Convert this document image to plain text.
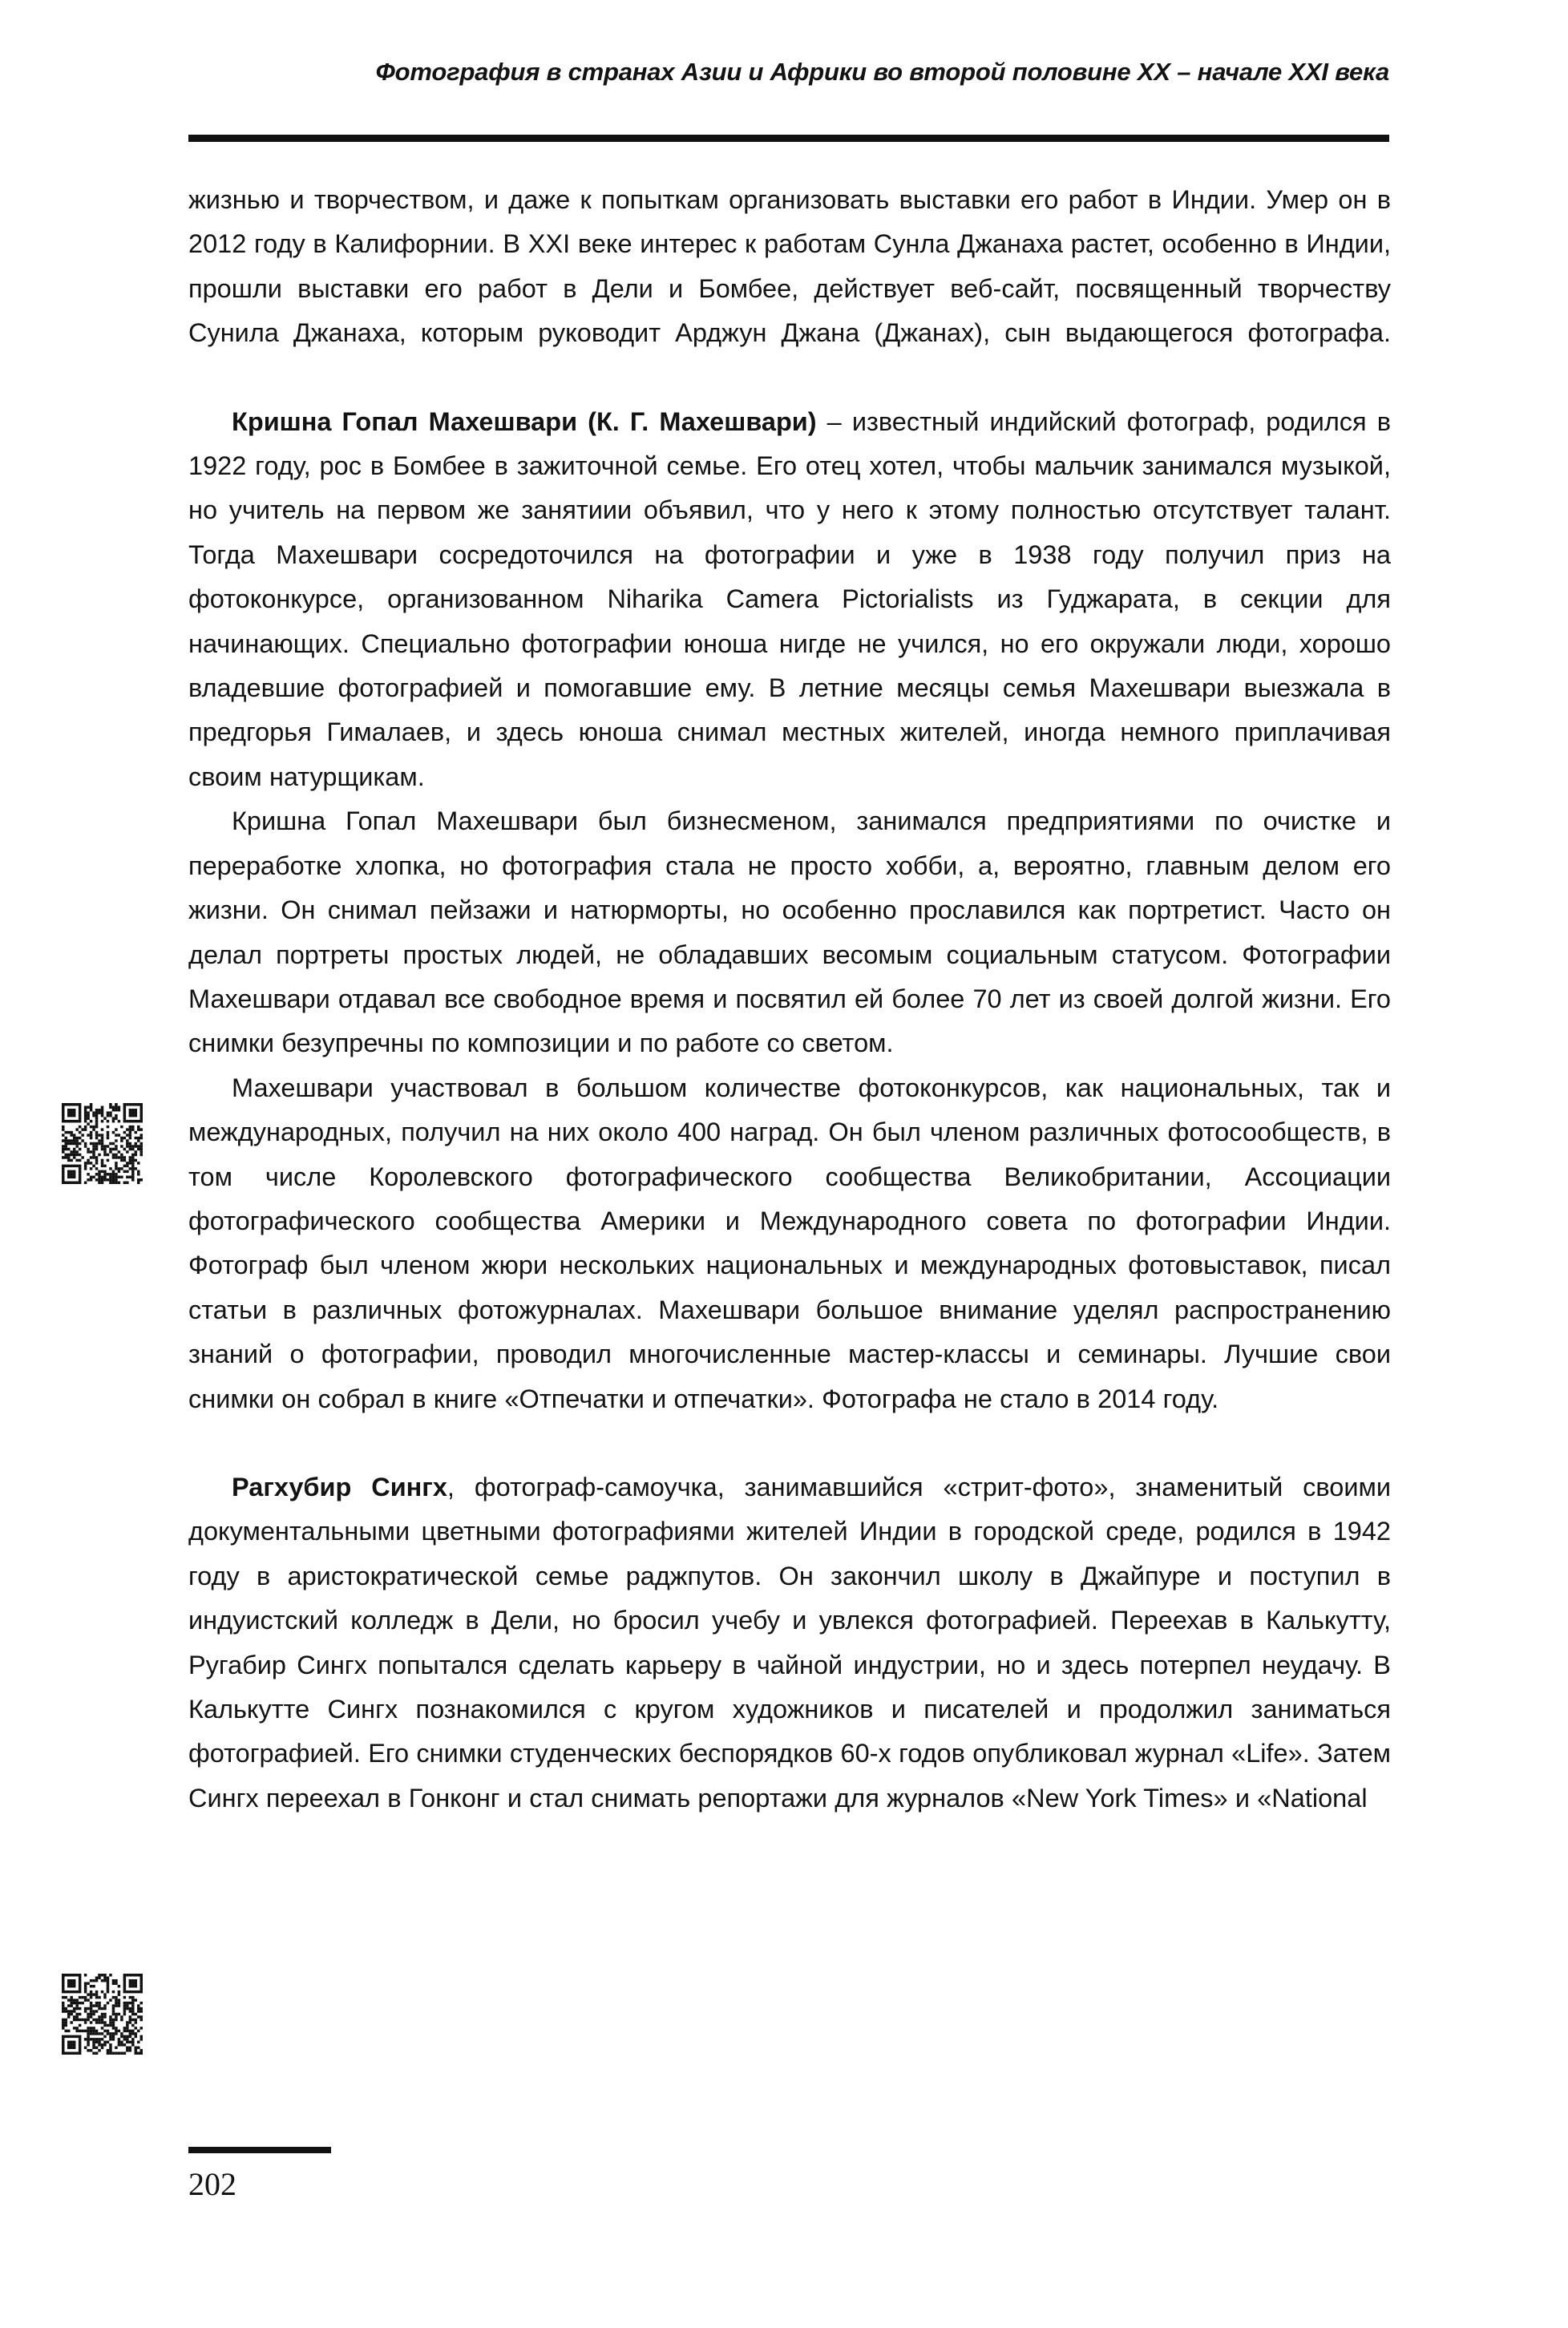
Фотография в странах Азии и Африки во второй половине XX – начале XXI века

жизнью и творчеством, и даже к попыткам организовать выставки его работ в Индии. Умер он в 2012 году в Калифорнии. В XXI веке интерес к работам Сунла Джанаха растет, особенно в Индии, прошли выставки его работ в Дели и Бомбее, действует веб-сайт, посвященный творчеству Сунила Джанаха, которым руководит Арджун Джана (Джанах), сын выдающегося фотографа.

Кришна Гопал Махешвари (К. Г. Махешвари) – известный индийский фотограф, родился в 1922 году, рос в Бомбее в зажиточной семье. Его отец хотел, чтобы мальчик занимался музыкой, но учитель на первом же занятиии объявил, что у него к этому полностью отсутствует талант. Тогда Махешвари сосредоточился на фотографии и уже в 1938 году получил приз на фотоконкурсе, организованном Niharika Camera Pictorialists из Гуджарата, в секции для начинающих. Специально фотографии юноша нигде не учился, но его окружали люди, хорошо владевшие фотографией и помогавшие ему. В летние месяцы семья Махешвари выезжала в предгорья Гималаев, и здесь юноша снимал местных жителей, иногда немного приплачивая своим натурщикам.

Кришна Гопал Махешвари был бизнесменом, занимался предприятиями по очистке и переработке хлопка, но фотография стала не просто хобби, а, вероятно, главным делом его жизни. Он снимал пейзажи и натюрморты, но особенно прославился как портретист. Часто он делал портреты простых людей, не обладавших весомым социальным статусом. Фотографии Махешвари отдавал все свободное время и посвятил ей более 70 лет из своей долгой жизни. Его снимки безупречны по композиции и по работе со светом.

Махешвари участвовал в большом количестве фотоконкурсов, как национальных, так и международных, получил на них около 400 наград. Он был членом различных фотосообществ, в том числе Королевского фотографического сообщества Великобритании, Ассоциации фотографического сообщества Америки и Международного совета по фотографии Индии. Фотограф был членом жюри нескольких национальных и международных фотовыставок, писал статьи в различных фотожурналах. Махешвари большое внимание уделял распространению знаний о фотографии, проводил многочисленные мастер-классы и семинары. Лучшие свои снимки он собрал в книге «Отпечатки и отпечатки». Фотографа не стало в 2014 году.

Рагхубир Сингх, фотограф-самоучка, занимавшийся «стрит-фото», знаменитый своими документальными цветными фотографиями жителей Индии в городской среде, родился в 1942 году в аристократической семье раджпутов. Он закончил школу в Джайпуре и поступил в индуистский колледж в Дели, но бросил учебу и увлекся фотографией. Переехав в Калькутту, Ругабир Сингх попытался сделать карьеру в чайной индустрии, но и здесь потерпел неудачу. В Калькутте Сингх познакомился с кругом художников и писателей и продолжил заниматься фотографией. Его снимки студенческих беспорядков 60-х годов опубликовал журнал «Life». Затем Сингх переехал в Гонконг и стал снимать репортажи для журналов «New York Times» и «National

202
